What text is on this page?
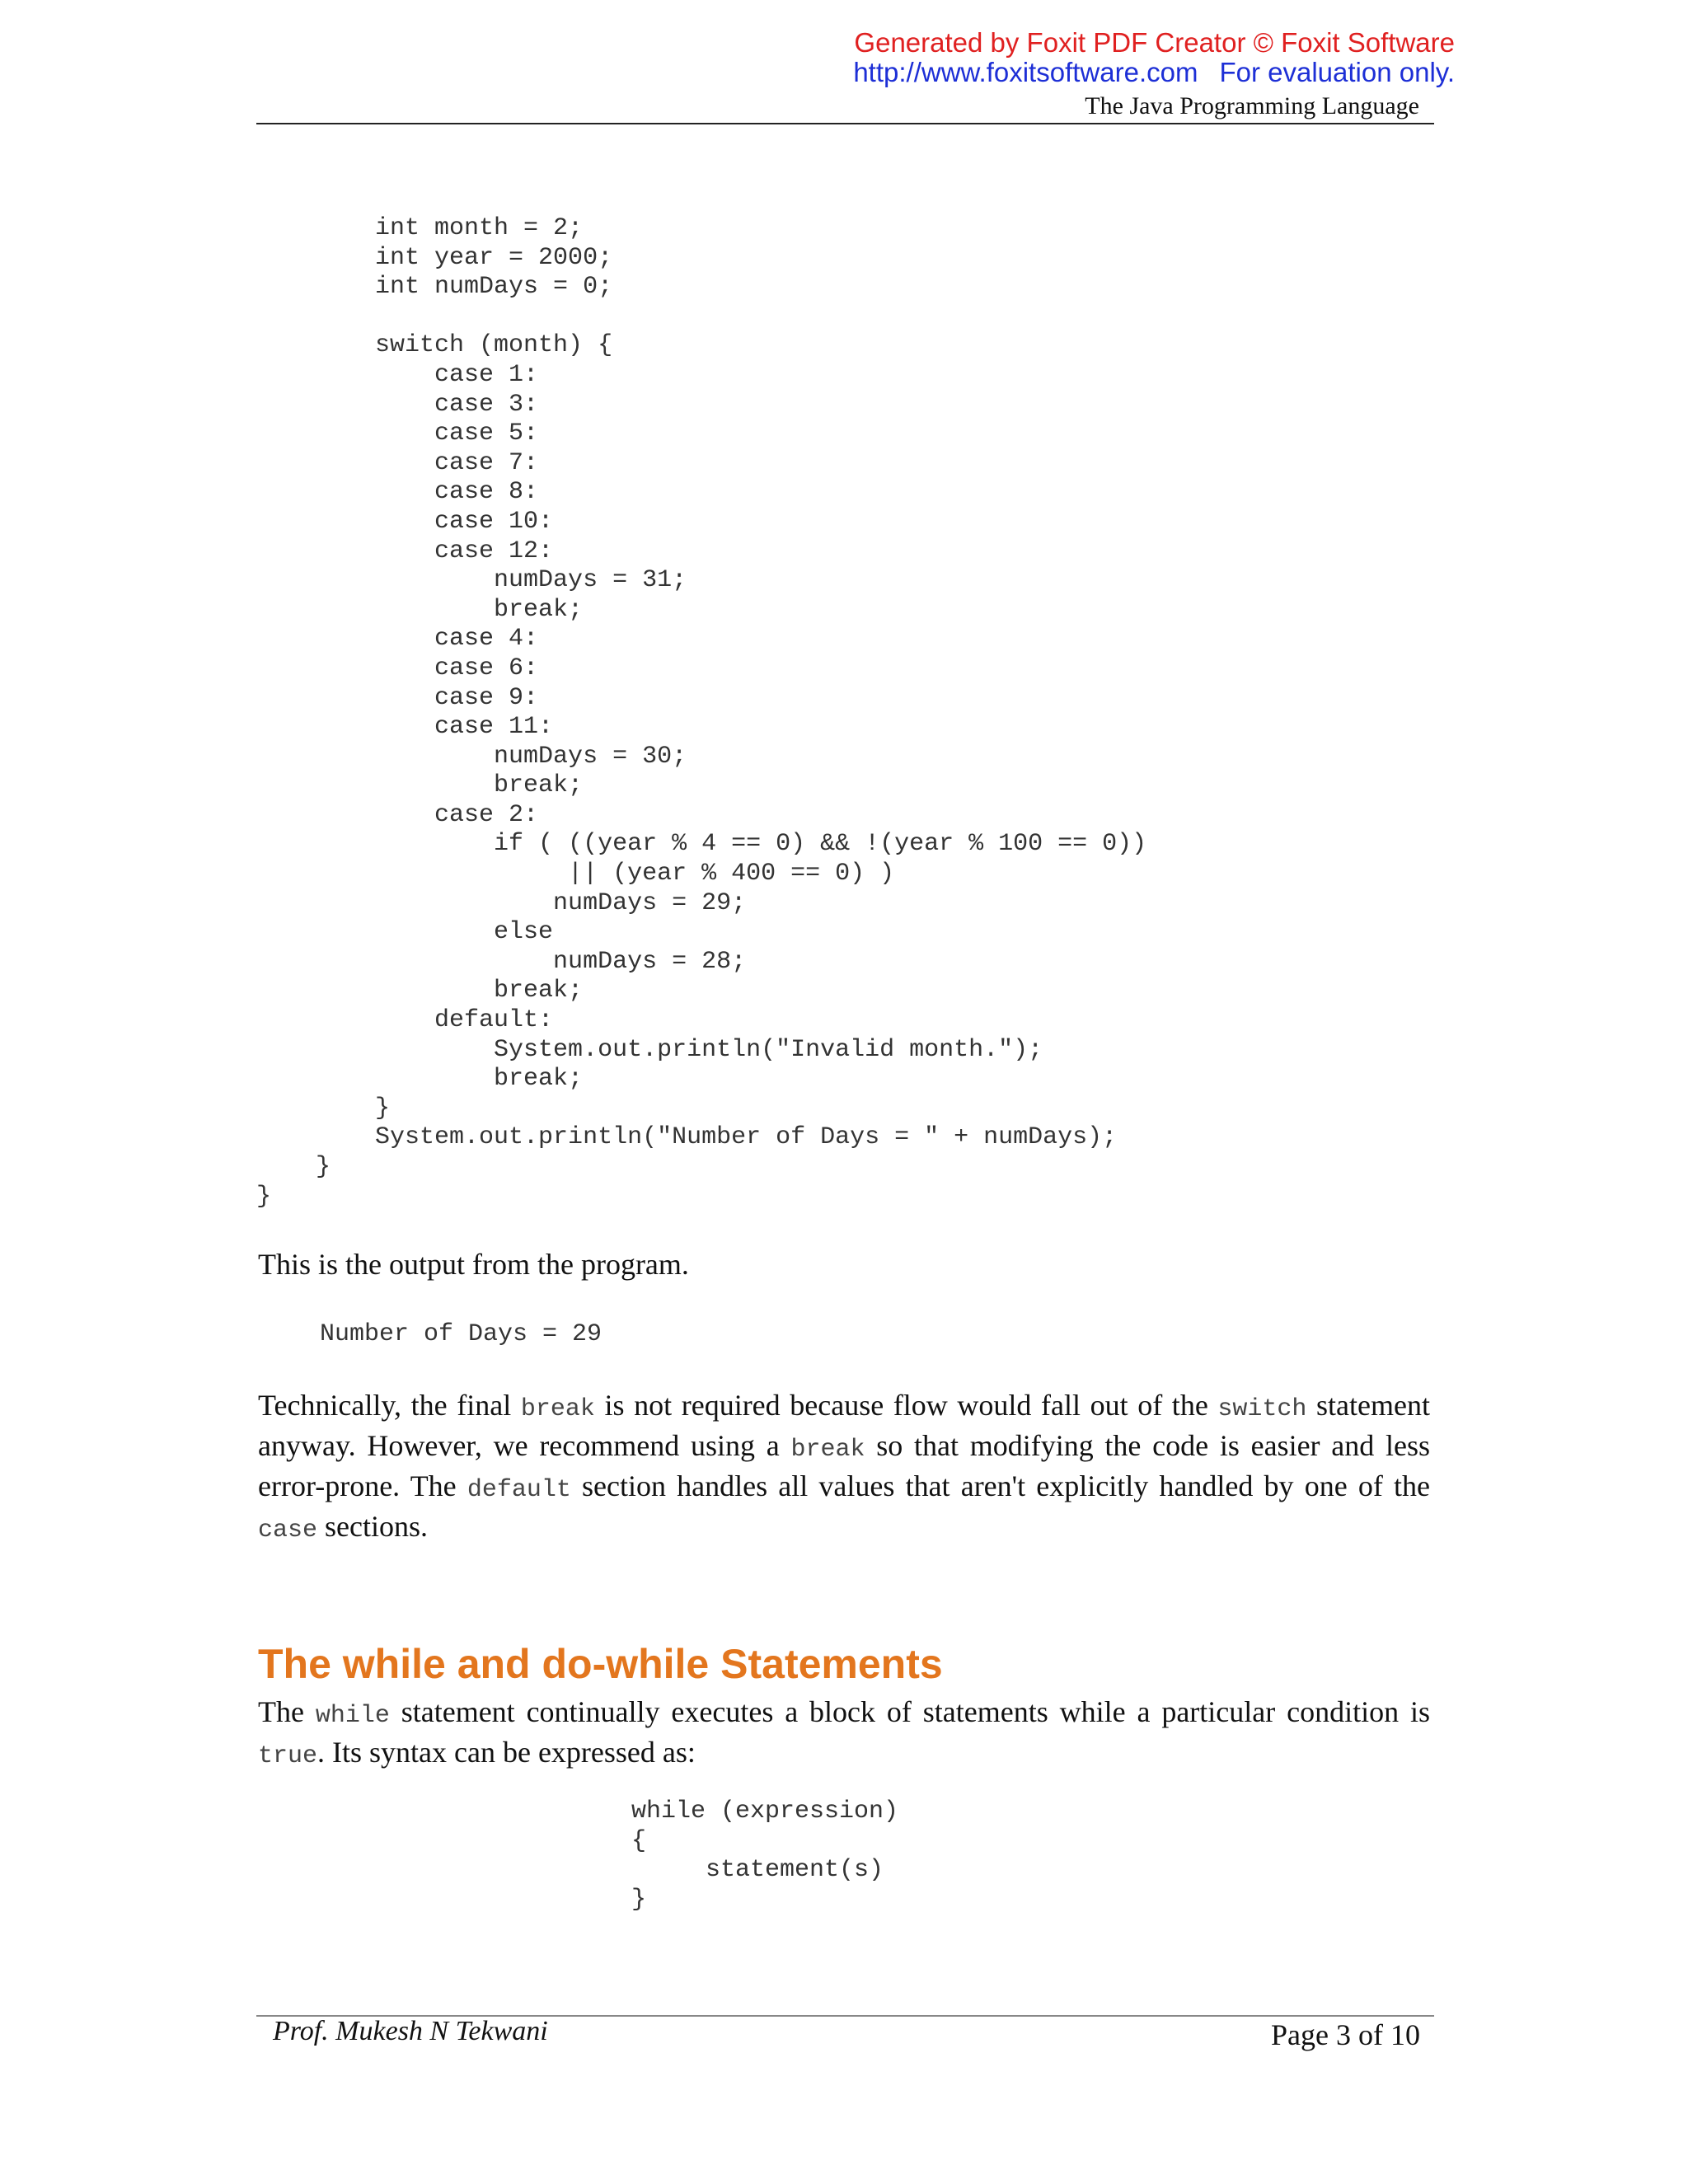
Generated by Foxit PDF Creator © Foxit Software
http://www.foxitsoftware.com For evaluation only.
The Java Programming Language
int month = 2;
int year = 2000;
int numDays = 0;

switch (month) {
case 1:
case 3:
case 5:
case 7:
case 8:
case 10:
case 12:
numDays = 31;
break;
case 4:
case 6:
case 9:
case 11:
numDays = 30;
break;
case 2:
if ( ((year % 4 == 0) && !(year % 100 == 0))
|| (year % 400 == 0) )
numDays = 29;
else
numDays = 28;
break;
default:
System.out.println("Invalid month.");
break;
}
System.out.println("Number of Days = " + numDays);
}
}
This is the output from the program.
Number of Days = 29

Technically, the final break is not required because flow would fall out of the switch statement anyway. However, we recommend using a break so that modifying the code is easier and less error-prone. The default section handles all values that aren't explicitly handled by one of the case sections.

The while and do-while Statements

The while statement continually executes a block of statements while a particular condition is true. Its syntax can be expressed as:

while (expression)
{
statement(s)
}
Prof. Mukesh N Tekwani	Page 3 of 10
